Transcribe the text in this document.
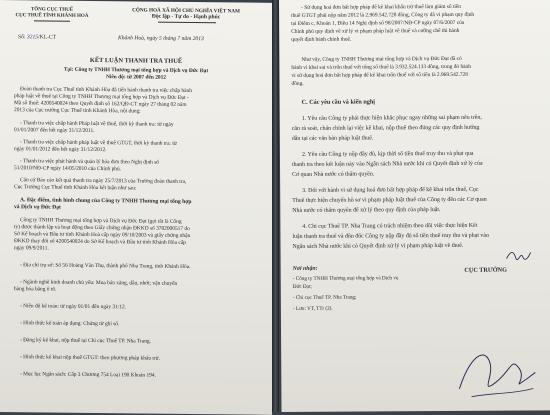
TỔNG CỤC THUẾ
CỤC THUẾ TỈNH KHÁNH HOÀ
CỘNG HOÀ XÃ HỘI CHỦ NGHĨA VIỆT NAM
Độc lập - Tự do - Hạnh phúc
Số: 3215/KL-CT	Khánh Hoà, ngày 5 tháng 7 năm 2013
KẾT LUẬN THANH TRA THUẾ
Tại: Công ty TNHH Thương mại tổng hợp và Dịch vụ Đức Đạt
Niên độ: từ 2007 đến 2012
Đoàn thanh tra Cục Thuế tỉnh Khánh Hòa đã tiến hành thanh tra việc chấp hành
pháp luật về thuế tại Công ty TNHH Thương mại tổng hợp và Dịch vụ Đức Đạt -
Mã số thuế: 4200540024 theo Quyết định số 162/QĐ-CT ngày 27 tháng 02 năm
2013 của Cục trưởng Cục Thuế tỉnh Khánh Hòa, nội dung:
- Thanh tra việc chấp hành Pháp luật về thuế, thời kỳ thanh tra: từ ngày
01/01/2007 đến hết ngày 31/12/2011.
- Thanh tra việc chấp hành pháp luật về thuế GTGT, thời kỳ thanh tra: từ
ngày 01/01/2012 đến hết ngày 31/12/2012.
- Thanh tra việc phát hành và quản lý hóa đơn theo Nghị định số
51/2010/NĐ-CP ngày 14/05/2010 của Chính phủ.
Căn cứ Báo cáo kết quả thanh tra ngày 25/7/2013 của Trưởng đoàn thanh tra,
Cục Trưởng Cục Thuế tỉnh Khánh Hòa kết luận như sau:
A. Đặc điểm, tình hình chung của Công ty TNHH Thương mại tổng hợp
và Dịch vụ Đức Đạt
Công ty TNHH Thương mại tổng hợp và Dịch vụ Đức Đạt (gọi tắt là Công
ty) được thành lập và hoạt động theo Giấy chứng nhận ĐKKD số 3702000517 do
Sở Kế hoạch và Đầu tư tỉnh Khánh Hoà cấp ngày 09/10/2003 và giấy chứng nhận
ĐKKD thay đổi số 4200540024 do Sở Kế hoạch và Đầu tư tỉnh Khánh Hòa cấp
ngày 09/9/2011.
- Địa chỉ trụ sở: Số 56 Hoàng Văn Thụ, thành phố Nha Trang, tỉnh Khánh Hòa.
- Ngành nghề kinh doanh chủ yếu: Mua bán xăng, dầu, nhớt; vận chuyển
hàng hóa bằng ô tô.
- Niên độ kế toán: từ ngày 01/01 đến ngày 31/12.
- Hình thức kế toán áp dụng: Chứng từ ghi sổ.
- Đăng ký kê khai, nộp thuế tại Chi cục Thuế TP. Nha Trang.
- Hình thức kê khai nộp thuế GTGT: theo phương pháp khấu trừ.
- Mục lục Ngân sách: Cấp 3 Chương 754 Loại 190 Khoản 194.
- Sử dụng hoá đơn bất hợp pháp để kê khai khấu trừ thuế làm giảm số tiền
thuế GTGT phải nộp năm 2012 là 2.969.542.728 đồng, Công ty đã vi phạm quy định
tại Điểm c, Khoản 1, Điều 14 Nghị định số 98/2007/NĐ-CP ngày 07/6/2007 của
Chính phủ quy định về xử lý vi phạm pháp luật về thuế và cưỡng chế thi hành
quyết định hành chính thuế.
Như vậy, Công ty TNHH Thương mại tổng hợp và Dịch vụ Đức Đạt đã có
hành vi khai sai và trốn thuế với tổng số thuế là 3.932.524.133 đồng, trong đó hành
vi sử dụng hoá đơn bất hợp pháp để kê khai trốn thuế với số tiền là 2.969.542.728
đồng.
C. Các yêu cầu và kiến nghị
1. Yêu cầu Công ty phải thực hiện khắc phục ngay những sai phạm nêu trên,
cần rà soát, chấn chỉnh lại việc kê khai, nộp thuế theo đúng các quy định hướng
dẫn tại các văn bản pháp luật thuế.
2. Yêu cầu Công ty nộp đầy đủ, kịp thời số tiền thuế truy thu và phạt qua
thanh tra theo kết luận này vào Ngân sách Nhà nước khi có Quyết định xử lý của
Cơ quan Nhà nước có thẩm quyền.
3. Đối với hành vi sử dụng hoá đơn bất hợp pháp để kê khai trốn thuế, Cục
Thuế thực hiện chuyển hồ sơ vi phạm pháp luật thuế của Công ty đến các Cơ quan
Nhà nước có thẩm quyền để xử lý theo quy định của pháp luật.
4. Chi cục Thuế TP. Nha Trang có trách nhiệm theo dõi việc thực hiện Kết
luận thanh tra thuế và đôn đốc Công ty nộp đầy đủ số tiền thuế truy thu và phạt vào
Ngân sách Nhà nước khi có Quyết định xử lý vi phạm pháp luật về thuế.
Nơi nhận:
- Công ty TNHH Thương mại tổng hợp và Dịch vụ
Đức Đạt;
- Chi cục Thuế TP. Nha Trang;
- Lưu: VT, TTr (2).
CỤC TRƯỞNG
